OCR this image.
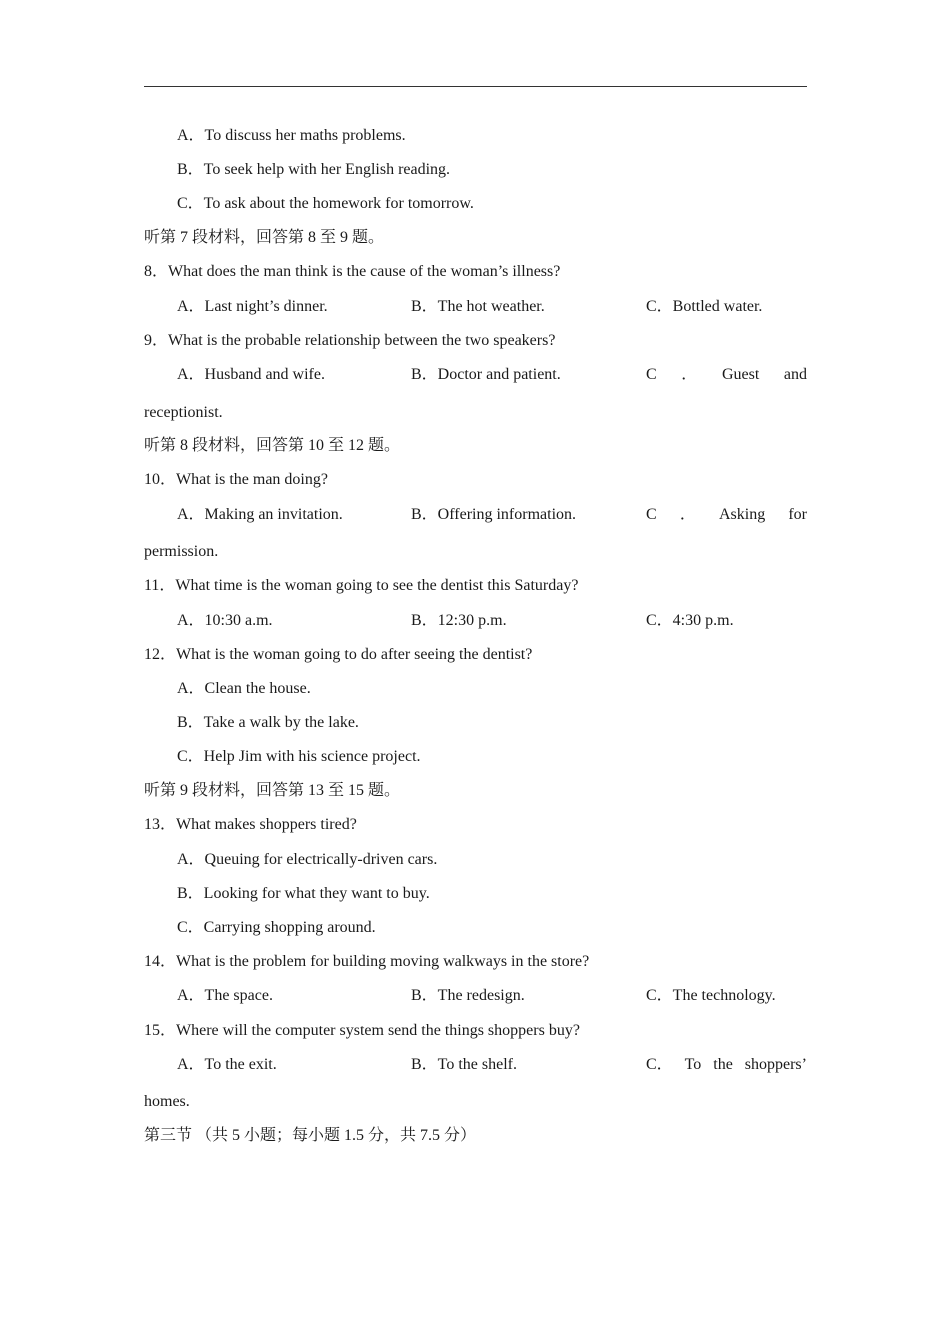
A．To discuss her maths problems.
B．To seek help with her English reading.
C．To ask about the homework for tomorrow.
听第 7 段材料，回答第 8 至 9 题。
8．What does the man think is the cause of the woman’s illness?
A．Last night’s dinner.	B．The hot weather.	C．Bottled water.
9．What is the probable relationship between the two speakers?
A．Husband and wife.	B．Doctor and patient.	C ． Guest and
receptionist.
听第 8 段材料，回答第 10 至 12 题。
10．What is the man doing?
A．Making an invitation.	B．Offering information.	C ． Asking for
permission.
11．What time is the woman going to see the dentist this Saturday?
A．10:30 a.m.	B．12:30 p.m.	C．4:30 p.m.
12．What is the woman going to do after seeing the dentist?
A．Clean the house.
B．Take a walk by the lake.
C．Help Jim with his science project.
听第 9 段材料，回答第 13 至 15 题。
13．What makes shoppers tired?
A．Queuing for electrically-driven cars.
B．Looking for what they want to buy.
C．Carrying shopping around.
14．What is the problem for building moving walkways in the store?
A．The space.	B．The redesign.	C．The technology.
15．Where will the computer system send the things shoppers buy?
A．To the exit.	B．To the shelf.	C． To the shoppers’
homes.
第三节 （共 5 小题；每小题 1.5 分，共 7.5 分）
